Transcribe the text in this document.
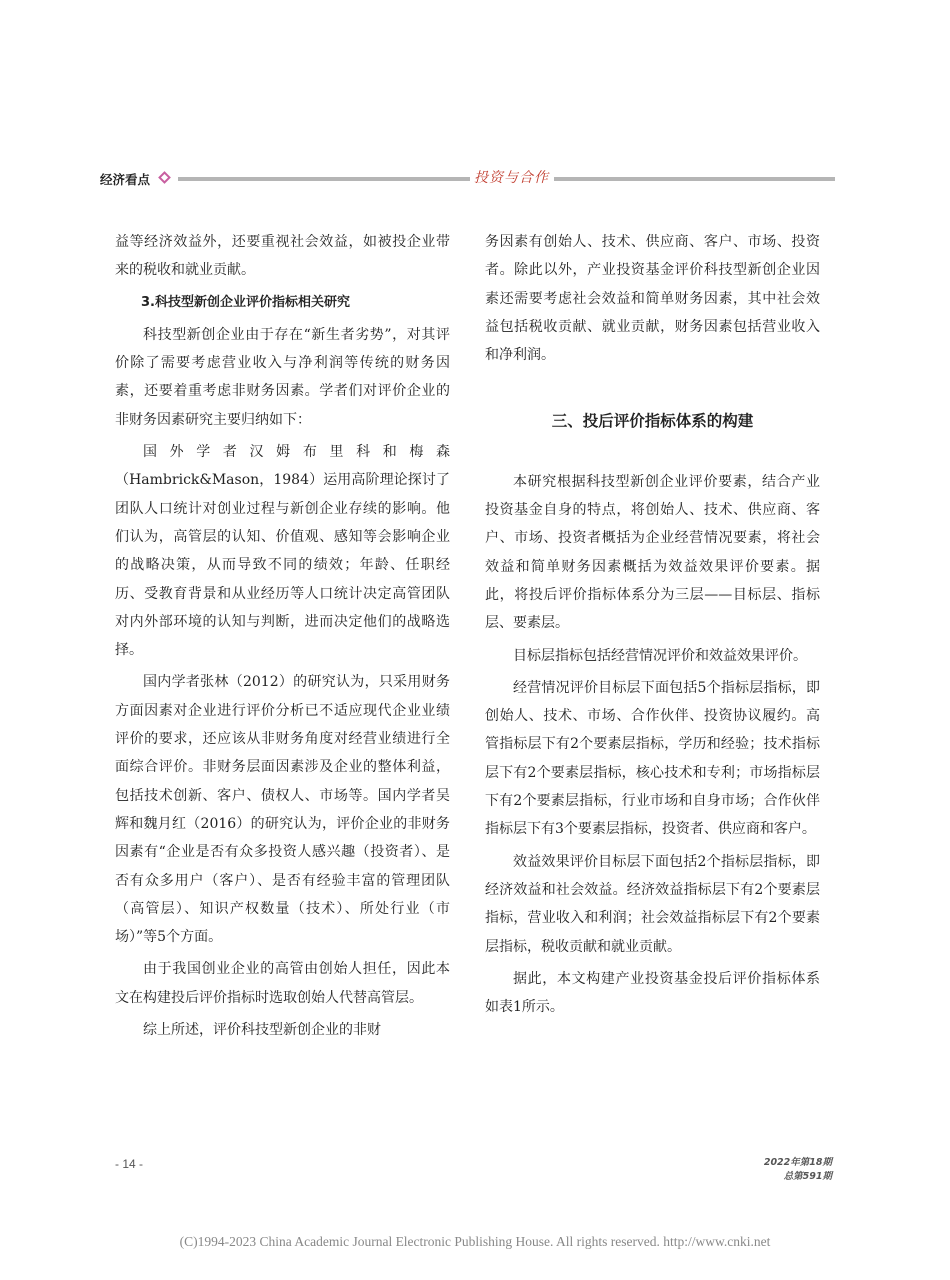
经济看点	投资与合作

益等经济效益外，还要重视社会效益，如被投企业带来的税收和就业贡献。

3.科技型新创企业评价指标相关研究

科技型新创企业由于存在“新生者劣势”，对其评价除了需要考虑营业收入与净利润等传统的财务因素，还要着重考虑非财务因素。学者们对评价企业的非财务因素研究主要归纳如下：

国外学者汉姆布里科和梅森（Hambrick&Mason，1984）运用高阶理论探讨了团队人口统计对创业过程与新创企业存续的影响。他们认为，高管层的认知、价值观、感知等会影响企业的战略决策，从而导致不同的绩效；年龄、任职经历、受教育背景和从业经历等人口统计决定高管团队对内外部环境的认知与判断，进而决定他们的战略选择。

国内学者张林（2012）的研究认为，只采用财务方面因素对企业进行评价分析已不适应现代企业业绩评价的要求，还应该从非财务角度对经营业绩进行全面综合评价。非财务层面因素涉及企业的整体利益，包括技术创新、客户、债权人、市场等。国内学者吴辉和魏月红（2016）的研究认为，评价企业的非财务因素有“企业是否有众多投资人感兴趣（投资者）、是否有众多用户（客户）、是否有经验丰富的管理团队（高管层）、知识产权数量（技术）、所处行业（市场）”等5个方面。

由于我国创业企业的高管由创始人担任，因此本文在构建投后评价指标时选取创始人代替高管层。

综上所述，评价科技型新创企业的非财

务因素有创始人、技术、供应商、客户、市场、投资者。除此以外，产业投资基金评价科技型新创企业因素还需要考虑社会效益和简单财务因素，其中社会效益包括税收贡献、就业贡献，财务因素包括营业收入和净利润。

三、投后评价指标体系的构建

本研究根据科技型新创企业评价要素，结合产业投资基金自身的特点，将创始人、技术、供应商、客户、市场、投资者概括为企业经营情况要素，将社会效益和简单财务因素概括为效益效果评价要素。据此，将投后评价指标体系分为三层——目标层、指标层、要素层。

目标层指标包括经营情况评价和效益效果评价。

经营情况评价目标层下面包括5个指标层指标，即创始人、技术、市场、合作伙伴、投资协议履约。高管指标层下有2个要素层指标，学历和经验；技术指标层下有2个要素层指标，核心技术和专利；市场指标层下有2个要素层指标，行业市场和自身市场；合作伙伴指标层下有3个要素层指标，投资者、供应商和客户。

效益效果评价目标层下面包括2个指标层指标，即经济效益和社会效益。经济效益指标层下有2个要素层指标，营业收入和利润；社会效益指标层下有2个要素层指标，税收贡献和就业贡献。

据此，本文构建产业投资基金投后评价指标体系如表1所示。

- 14 -	2022年第18期
总第591期
(C)1994-2023 China Academic Journal Electronic Publishing House. All rights reserved. http://www.cnki.net
